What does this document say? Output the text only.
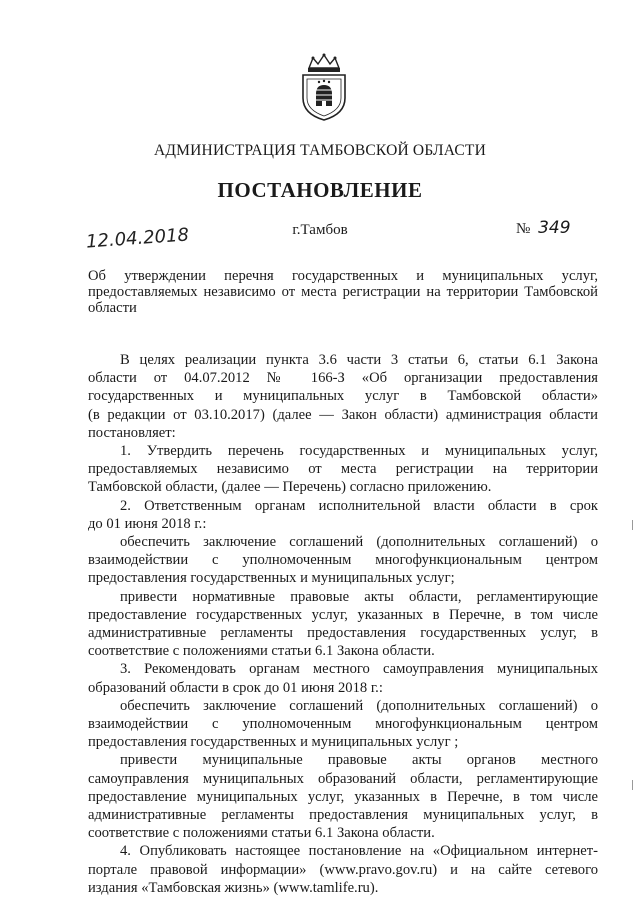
АДМИНИСТРАЦИЯ ТАМБОВСКОЙ ОБЛАСТИ
ПОСТАНОВЛЕНИЕ
12.04.2018	г.Тамбов	№ 349
Об утверждении перечня государственных и муниципальных услуг, предоставляемых независимо от места регистрации на территории Тамбовской области

В целях реализации пункта 3.6 части 3 статьи 6, статьи 6.1 Закона

области от 04.07.2012 № 166-З «Об организации предоставления

государственных и муниципальных услуг в Тамбовской области»

(в редакции от 03.10.2017) (далее — Закон области) администрация области

постановляет:

1. Утвердить перечень государственных и муниципальных услуг,

предоставляемых независимо от места регистрации на территории

Тамбовской области, (далее — Перечень) согласно приложению.

2. Ответственным органам исполнительной власти области в срок

до 01 июня 2018 г.:

обеспечить заключение соглашений (дополнительных соглашений) о

взаимодействии с уполномоченным многофункциональным центром

предоставления государственных и муниципальных услуг;

привести нормативные правовые акты области, регламентирующие

предоставление государственных услуг, указанных в Перечне, в том числе

административные регламенты предоставления государственных услуг, в

соответствие с положениями статьи 6.1 Закона области.

3. Рекомендовать органам местного самоуправления муниципальных

образований области в срок до 01 июня 2018 г.:

обеспечить заключение соглашений (дополнительных соглашений) о

взаимодействии с уполномоченным многофункциональным центром

предоставления государственных и муниципальных услуг ;

привести муниципальные правовые акты органов местного

самоуправления муниципальных образований области, регламентирующие

предоставление муниципальных услуг, указанных в Перечне, в том числе

административные регламенты предоставления муниципальных услуг, в

соответствие с положениями статьи 6.1 Закона области.

4. Опубликовать настоящее постановление на «Официальном интернет-

портале правовой информации» (www.pravo.gov.ru) и на сайте сетевого

издания «Тамбовская жизнь» (www.tamlife.ru).
